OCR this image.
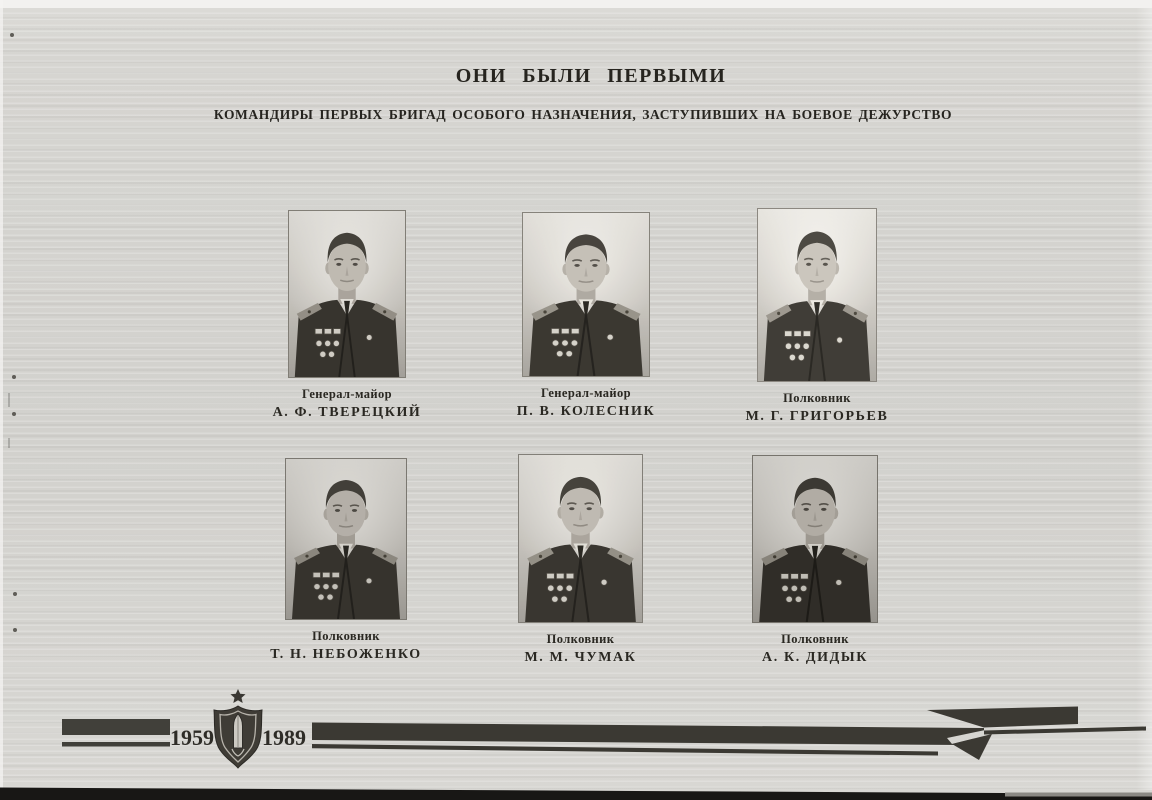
ОНИ БЫЛИ ПЕРВЫМИ
КОМАНДИРЫ ПЕРВЫХ БРИГАД ОСОБОГО НАЗНАЧЕНИЯ, ЗАСТУПИВШИХ НА БОЕВОЕ ДЕЖУРСТВО
Генерал-майор
А. Ф. ТВЕРЕЦКИЙ
Генерал-майор
П. В. КОЛЕСНИК
Полковник
М. Г. ГРИГОРЬЕВ
Полковник
Т. Н. НЕБОЖЕНКО
Полковник
М. М. ЧУМАК
Полковник
А. К. ДИДЫК
1959 1989
